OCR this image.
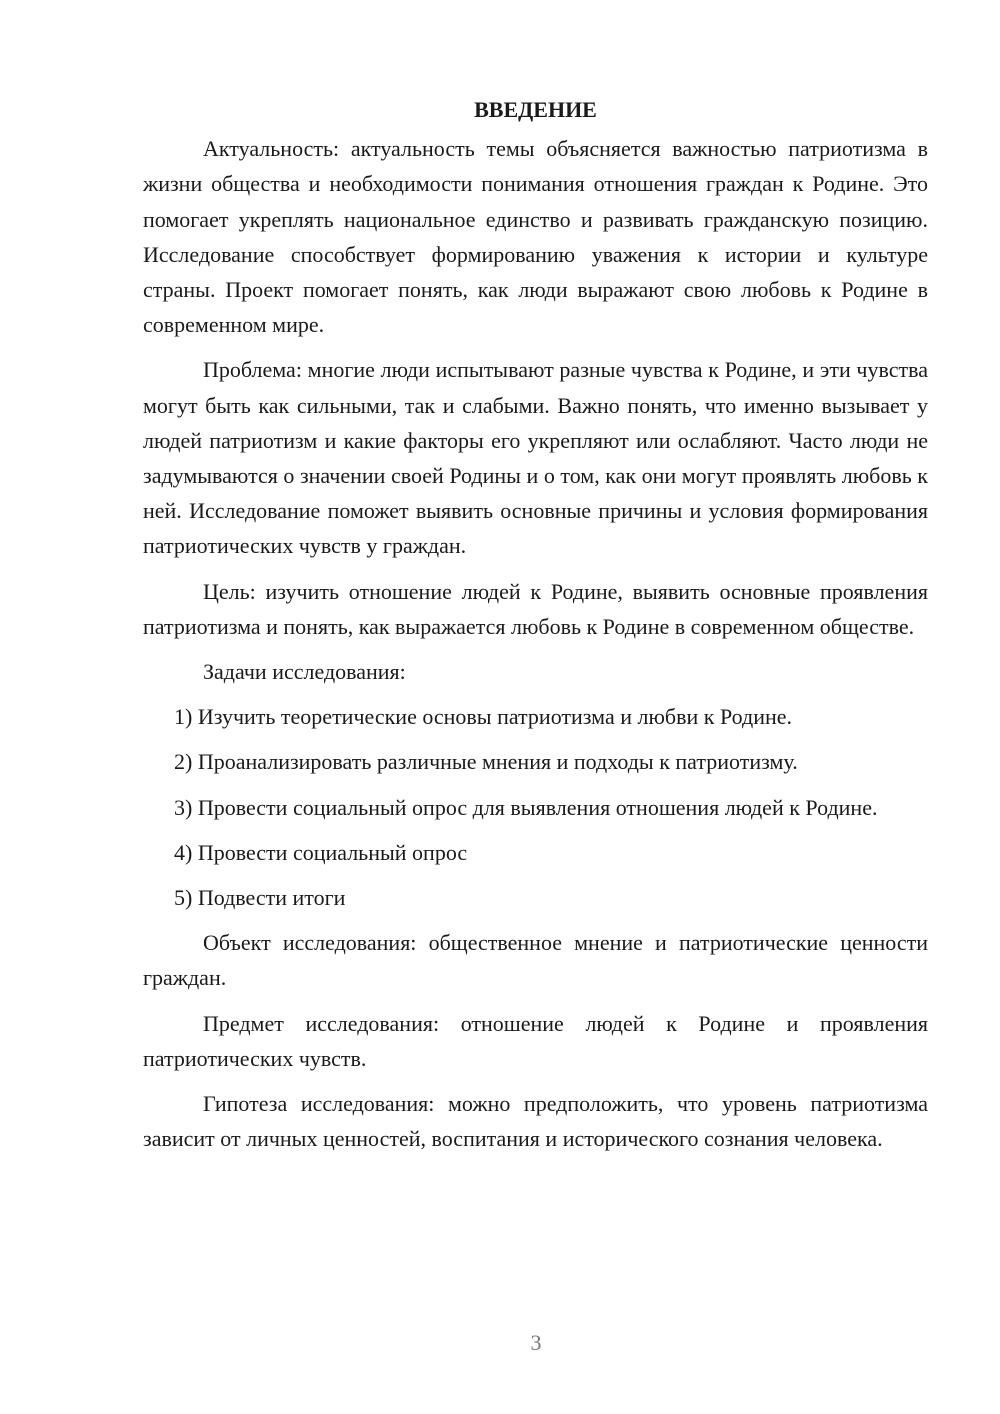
ВВЕДЕНИЕ

Актуальность: актуальность темы объясняется важностью патриотизма в жизни общества и необходимости понимания отношения граждан к Родине. Это помогает укреплять национальное единство и развивать гражданскую позицию. Исследование способствует формированию уважения к истории и культуре страны. Проект помогает понять, как люди выражают свою любовь к Родине в современном мире.

Проблема: многие люди испытывают разные чувства к Родине, и эти чувства могут быть как сильными, так и слабыми. Важно понять, что именно вызывает у людей патриотизм и какие факторы его укрепляют или ослабляют. Часто люди не задумываются о значении своей Родины и о том, как они могут проявлять любовь к ней. Исследование поможет выявить основные причины и условия формирования патриотических чувств у граждан.

Цель: изучить отношение людей к Родине, выявить основные проявления патриотизма и понять, как выражается любовь к Родине в современном обществе.

Задачи исследования:

1) Изучить теоретические основы патриотизма и любви к Родине.

2) Проанализировать различные мнения и подходы к патриотизму.

3) Провести социальный опрос для выявления отношения людей к Родине.

4) Провести социальный опрос

5) Подвести итоги

Объект исследования: общественное мнение и патриотические ценности граждан.

Предмет исследования: отношение людей к Родине и проявления патриотических чувств.

Гипотеза исследования: можно предположить, что уровень патриотизма зависит от личных ценностей, воспитания и исторического сознания человека.

3
